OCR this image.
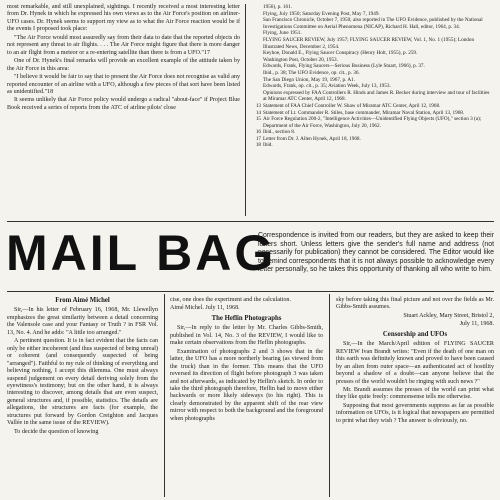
most remarkable, and still unexplained, sightings. I recently received a most interesting letter from Dr. Hynek in which he expressed his own views as to the Air Force's position on airliner-UFO cases. Dr. Hynek seems to support my view as to what the Air Force reaction would be if the events I proposed took place:

"The Air Force would most assuredly say from their data to date that the reported objects do not represent any threat to air flights. . . . The Air Force might figure that there is more danger to an air flight from a meteor or a re-entering satellite than there is from a UFO."17

One of Dr. Hynek's final remarks will provide an excellent example of the attitude taken by the Air Force in this area:

"I believe it would be fair to say that to present the Air Force does not recognise as valid any reported encounter of an airline with a UFO, although a few pieces of that sort have been listed as unidentified."18

It seems unlikely that Air Force policy would undergo a radical "about-face" if Project Blue Book received a series of reports from the ATC of airline pilots' close

1956), p. 161.
Flying, July 1950; Saturday Evening Post, May 7, 1949.
San Francisco Chronicle, October 7, 1950; also reported in The UFO Evidence, published by the National Investigations Committee on Aerial Phenomena (NICAP), Richard H. Hall, editor, 1964, p. 34.
Flying, June 1951.
FLYING SAUCER REVIEW, July 1957; FLYING SAUCER REVIEW, Vol. 1, No. 1 (1955); London Illustrated News, December 2, 1954.
Keyhoe, Donald E., Flying Saucer Conspiracy (Henry Holt, 1955), p. 259.
Washington Post, October 20, 1953.
Edwards, Frank, Flying Saucers—Serious Business (Lyle Stuart, 1966), p. 37.
Ibid., p. 38; The UFO Evidence, op. cit., p. 36.
The San Diego Union, May 19, 1967, p. A1.
Edwards, Frank, op. cit., p. 35; Aviation Week, July 13, 1953.
Opinions expressed by FAA Controllers R. Hinds and James R. Becker during interview and tour of facilities at Miramar ATC Center, April 12, 1968.
13 Statement of FAA Chief Controller W. Shaw of Miramar ATC Center, April 12, 1968.
14 Statement of Lt. Commander R. Stiles, base commander, Miramar Naval Station, April 13, 1968.
15 Air Force Regulation 200-2, "Intelligence Activities—Unidentified Flying Objects (UFO)," section 3 (a); Department of the Air Force, Washington, July 20, 1962.
16 Ibid., section 8.
17 Letter from Dr. J. Allen Hynek, April 18, 1968.
18 Ibid.
MAIL BAG
Correspondence is invited from our readers, but they are asked to keep their letters short. Unless letters give the sender's full name and address (not necessarily for publication) they cannot be considered. The Editor would like to remind correspondents that it is not always possible to acknowledge every letter personally, so he takes this opportunity of thanking all who write to him.

From Aimé Michel

Sir,—In his letter of February 16, 1968, Mr. Llewellyn emphasizes the great similarity between a detail concerning the Valensole case and your Fantasy or Truth ? in FSR Vol. 13, No. 4. And he adds: "A little too arranged."

A pertinent question. It is in fact evident that the facts can only be either incoherent (and thus suspected of being unreal) or coherent (and consequently suspected of being "arranged"). Faithful to my rule of thinking of everything and believing nothing, I accept this dilemma. One must always suspend judgement on every detail deriving solely from the eyewitness's testimony; but on the other hand, it is always interesting to discover, among details that are even suspect, general structures and, if possible, statistics. The details are allegations, the structures are facts (for example, the structures put forward by Gordon Creighton and Jacques Vallée in the same issue of the REVIEW).

To decide the question of knowing

cise, one does the experiment and the calculation.

Aimé Michel. July 11, 1968.

The Heflin Photographs

Sir,—In reply to the letter by Mr. Charles Gibbs-Smith, published in Vol. 14, No. 3 of the REVIEW, I would like to make certain observations from the Heflin photographs.

Examination of photographs 2 and 3 shows that in the latter, the UFO has a more northerly bearing (as viewed from the truck) than in the former. This means that the UFO reversed its direction of flight before photograph 3 was taken and not afterwards, as indicated by Heflin's sketch. In order to take the third photograph therefore, Heflin had to move either backwards or more likely sideways (to his right). This is clearly demonstrated by the apparent shift of the rear view mirror with respect to both the background and the foreground when photographs

sky before taking this final picture and not over the fields as Mr. Gibbs-Smith assumes.

Stuart Ackley, Mary Street, Bristol 2,

July 11, 1968.

Censorship and UFOs

Sir,—In the March/April edition of FLYING SAUCER REVIEW Ivan Brandt writes: "Even if the death of one man on this earth was definitely known and proved to have been caused by an alien from outer space—an authenticated act of hostility beyond a shadow of a doubt—can anyone believe that the presses of the world wouldn't be ringing with such news ?"

Mr. Brandt assumes the presses of the world can print what they like quite freely: commonsense tells me otherwise.

Supposing that most governments suppress as far as possible information on UFOs, is it logical that newspapers are permitted to print what they wish ? The answer is obviously, no.
